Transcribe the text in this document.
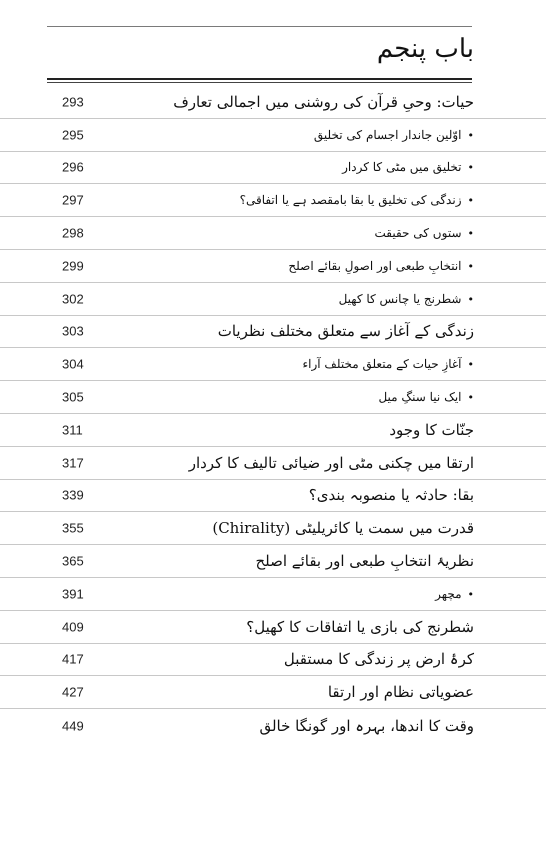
باب پنجم
حیات: وحیِ قرآن کی روشنی میں اجمالی تعارف
293
•اوّلین جاندار اجسام کی تخلیق
295
•تخلیق میں مٹی کا کردار
296
•زندگی کی تخلیق یا بقا بامقصد ہے یا اتفاقی؟
297
•ستوں کی حقیقت
298
•انتخابِ طبعی اور اصولِ بقائے اصلح
299
•شطرنج یا چانس کا کھیل
302
زندگی کے آغاز سے متعلق مختلف نظریات
303
•آغازِ حیات کے متعلق مختلف آراء
304
•ایک نیا سنگِ میل
305
جنّات کا وجود
311
ارتقا میں چکنی مٹی اور ضیائی تالیف کا کردار
317
بقا: حادثہ یا منصوبہ بندی؟
339
قدرت میں سمت یا کائریلیٹی (Chirality)
355
نظریۂ انتخابِ طبعی اور بقائے اصلح
365
•مچھر
391
شطرنج کی بازی یا اتفاقات کا کھیل؟
409
کرۂ ارض پر زندگی کا مستقبل
417
عضویاتی نظام اور ارتقا
427
وقت کا اندھا، بہرہ اور گونگا خالق
449
